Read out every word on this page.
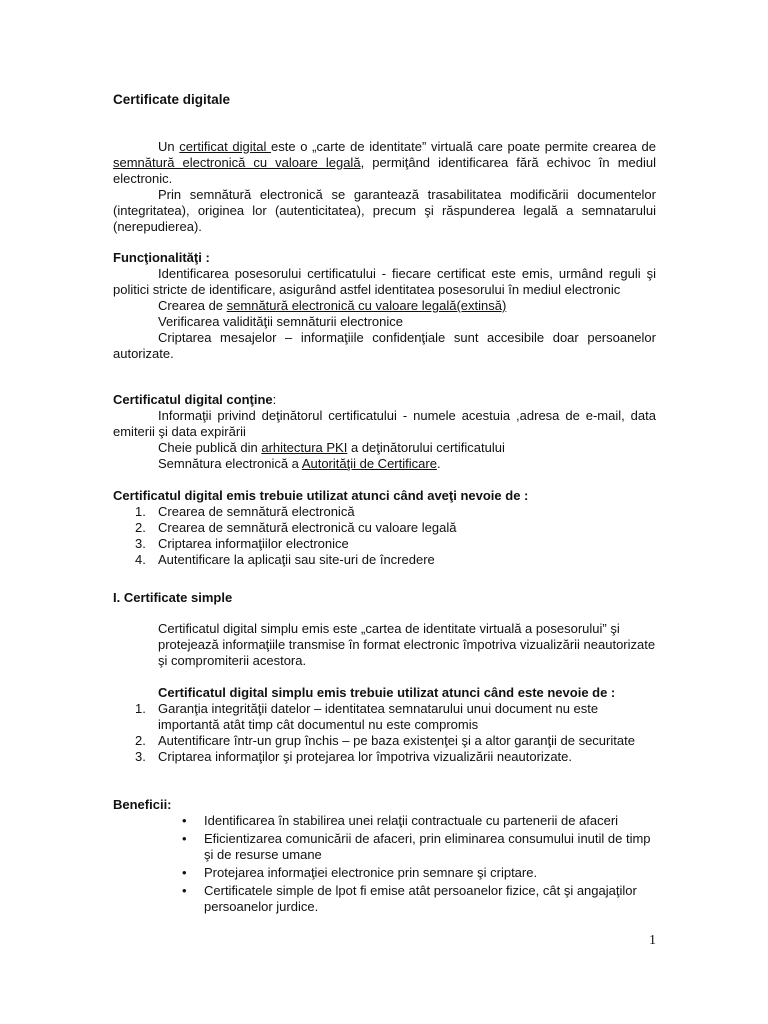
Certificate digitale

Un certificat digital este o „carte de identitate” virtuală care poate permite crearea de semnătură electronică cu valoare legală, permiţând identificarea fără echivoc în mediul electronic.

Prin semnătură electronică se garantează trasabilitatea modificării documentelor (integritatea), originea lor (autenticitatea), precum şi răspunderea legală a semnatarului (nerepudierea).

Funcţionalităţi :

Identificarea posesorului certificatului - fiecare certificat este emis, urmând reguli şi politici stricte de identificare, asigurând astfel identitatea posesorului în mediul electronic

Crearea de semnătură electronică cu valoare legală(extinsă)

Verificarea validităţii semnăturii electronice

Criptarea mesajelor – informaţiile confidenţiale sunt accesibile doar persoanelor autorizate.

Certificatul digital conţine:

Informaţii privind deţinătorul certificatului - numele acestuia ,adresa de e-mail, data emiterii şi data expirării

Cheie publică din arhitectura PKI a deţinătorului certificatului

Semnătura electronică a Autorităţii de Certificare.

Certificatul digital emis trebuie utilizat atunci când aveţi nevoie de :

1. Crearea de semnătură electronică
2. Crearea de semnătură electronică cu valoare legală
3. Criptarea informaţiilor electronice
4. Autentificare la aplicaţii sau site-uri de încredere

I. Certificate simple

Certificatul digital simplu emis este „cartea de identitate virtuală a posesorului” şi protejează informaţiile transmise în format electronic împotriva vizualizării neautorizate şi compromiterii acestora.

Certificatul digital simplu emis trebuie utilizat atunci când este nevoie de :

1. Garanţia integrităţii datelor – identitatea semnatarului unui document nu este importantă atât timp cât documentul nu este compromis
2. Autentificare într-un grup închis – pe baza existenţei şi a altor garanţii de securitate
3. Criptarea informaţilor şi protejarea lor împotriva vizualizării neautorizate.

Beneficii:

• Identificarea în stabilirea unei relaţii contractuale cu partenerii de afaceri
• Eficientizarea comunicării de afaceri, prin eliminarea consumului inutil de timp şi de resurse umane
• Protejarea informaţiei electronice prin semnare şi criptare.
• Certificatele simple de lpot fi emise atât persoanelor fizice, cât şi angajaţilor persoanelor jurdice.
1
